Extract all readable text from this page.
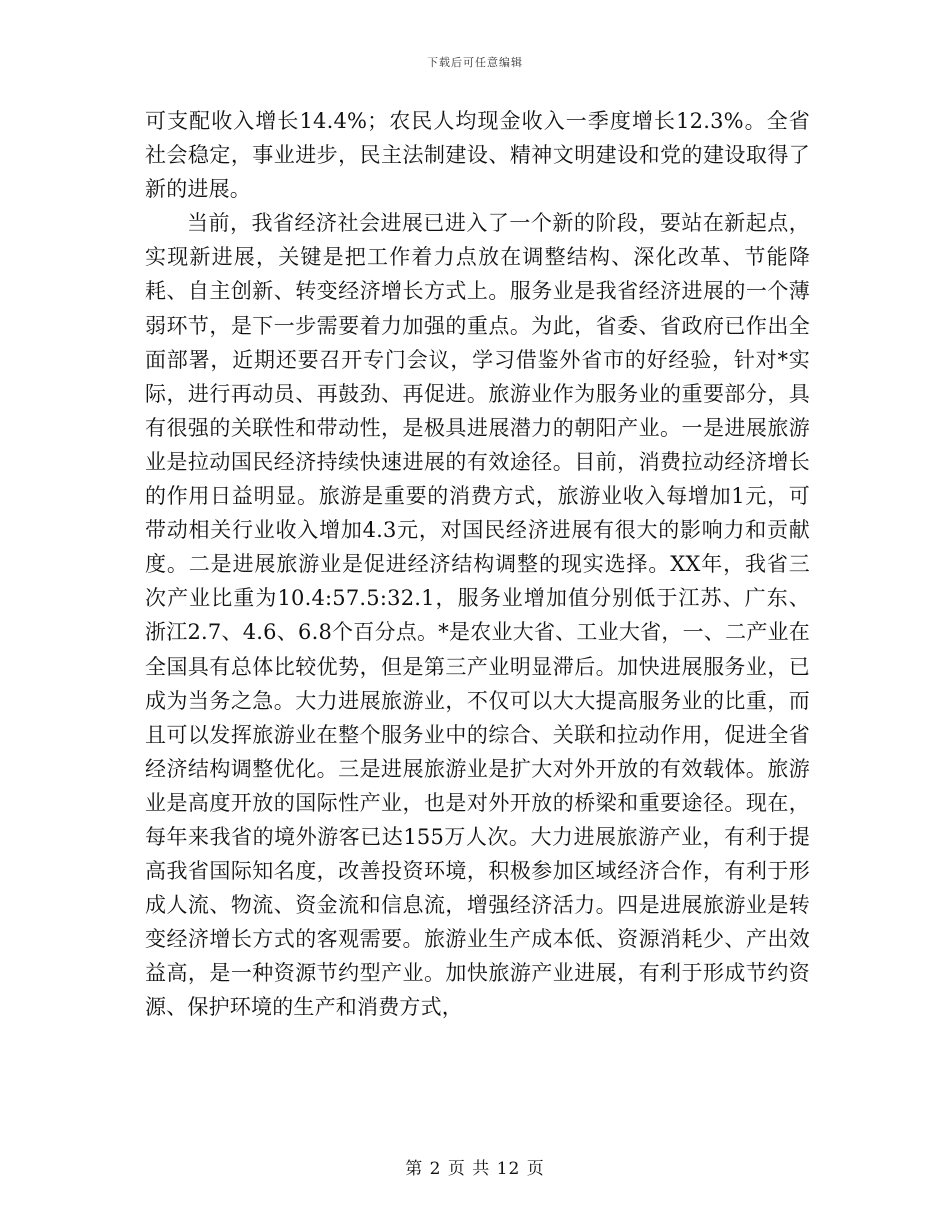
下载后可任意编辑

可支配收入增长14.4%；农民人均现金收入一季度增长12.3%。全省社会稳定，事业进步，民主法制建设、精神文明建设和党的建设取得了新的进展。

当前，我省经济社会进展已进入了一个新的阶段，要站在新起点，实现新进展，关键是把工作着力点放在调整结构、深化改革、节能降耗、自主创新、转变经济增长方式上。服务业是我省经济进展的一个薄弱环节，是下一步需要着力加强的重点。为此，省委、省政府已作出全面部署，近期还要召开专门会议，学习借鉴外省市的好经验，针对*实际，进行再动员、再鼓劲、再促进。旅游业作为服务业的重要部分，具有很强的关联性和带动性，是极具进展潜力的朝阳产业。一是进展旅游业是拉动国民经济持续快速进展的有效途径。目前，消费拉动经济增长的作用日益明显。旅游是重要的消费方式，旅游业收入每增加1元，可带动相关行业收入增加4.3元，对国民经济进展有很大的影响力和贡献度。二是进展旅游业是促进经济结构调整的现实选择。XX年，我省三次产业比重为10.4:57.5:32.1，服务业增加值分别低于江苏、广东、浙江2.7、4.6、6.8个百分点。*是农业大省、工业大省，一、二产业在全国具有总体比较优势，但是第三产业明显滞后。加快进展服务业，已成为当务之急。大力进展旅游业，不仅可以大大提高服务业的比重，而且可以发挥旅游业在整个服务业中的综合、关联和拉动作用，促进全省经济结构调整优化。三是进展旅游业是扩大对外开放的有效载体。旅游业是高度开放的国际性产业，也是对外开放的桥梁和重要途径。现在，每年来我省的境外游客已达155万人次。大力进展旅游产业，有利于提高我省国际知名度，改善投资环境，积极参加区域经济合作，有利于形成人流、物流、资金流和信息流，增强经济活力。四是进展旅游业是转变经济增长方式的客观需要。旅游业生产成本低、资源消耗少、产出效益高，是一种资源节约型产业。加快旅游产业进展，有利于形成节约资源、保护环境的生产和消费方式，

第 2 页 共 12 页
